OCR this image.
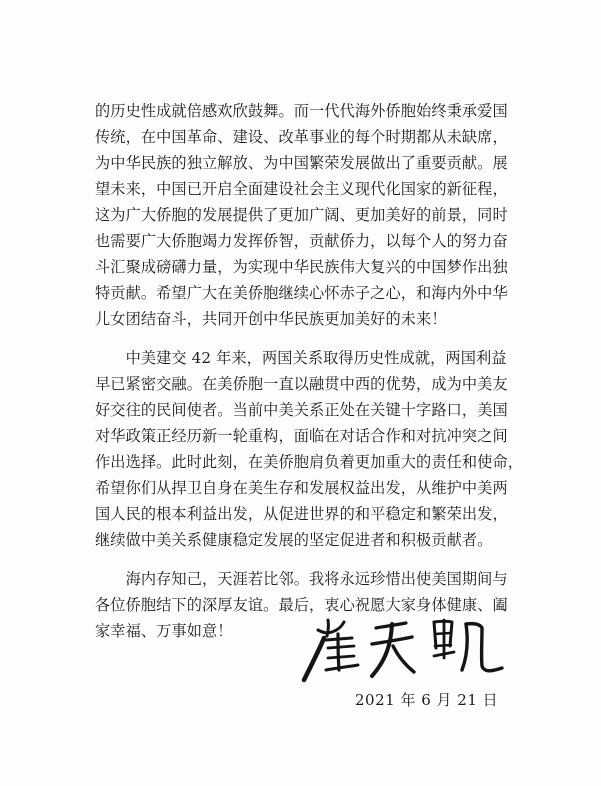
的历史性成就倍感欢欣鼓舞。而一代代海外侨胞始终秉承爱国
传统，在中国革命、建设、改革事业的每个时期都从未缺席，
为中华民族的独立解放、为中国繁荣发展做出了重要贡献。展
望未来，中国已开启全面建设社会主义现代化国家的新征程，
这为广大侨胞的发展提供了更加广阔、更加美好的前景，同时
也需要广大侨胞竭力发挥侨智，贡献侨力，以每个人的努力奋
斗汇聚成磅礴力量，为实现中华民族伟大复兴的中国梦作出独
特贡献。希望广大在美侨胞继续心怀赤子之心，和海内外中华
儿女团结奋斗，共同开创中华民族更加美好的未来！
　　中美建交 42 年来，两国关系取得历史性成就，两国利益
早已紧密交融。在美侨胞一直以融贯中西的优势，成为中美友
好交往的民间使者。当前中美关系正处在关键十字路口，美国
对华政策正经历新一轮重构，面临在对话合作和对抗冲突之间
作出选择。此时此刻，在美侨胞肩负着更加重大的责任和使命，
希望你们从捍卫自身在美生存和发展权益出发，从维护中美两
国人民的根本利益出发，从促进世界的和平稳定和繁荣出发，
继续做中美关系健康稳定发展的坚定促进者和积极贡献者。
　　海内存知己，天涯若比邻。我将永远珍惜出使美国期间与
各位侨胞结下的深厚友谊。最后，衷心祝愿大家身体健康、阖
家幸福、万事如意！
2021 年 6 月 21 日
